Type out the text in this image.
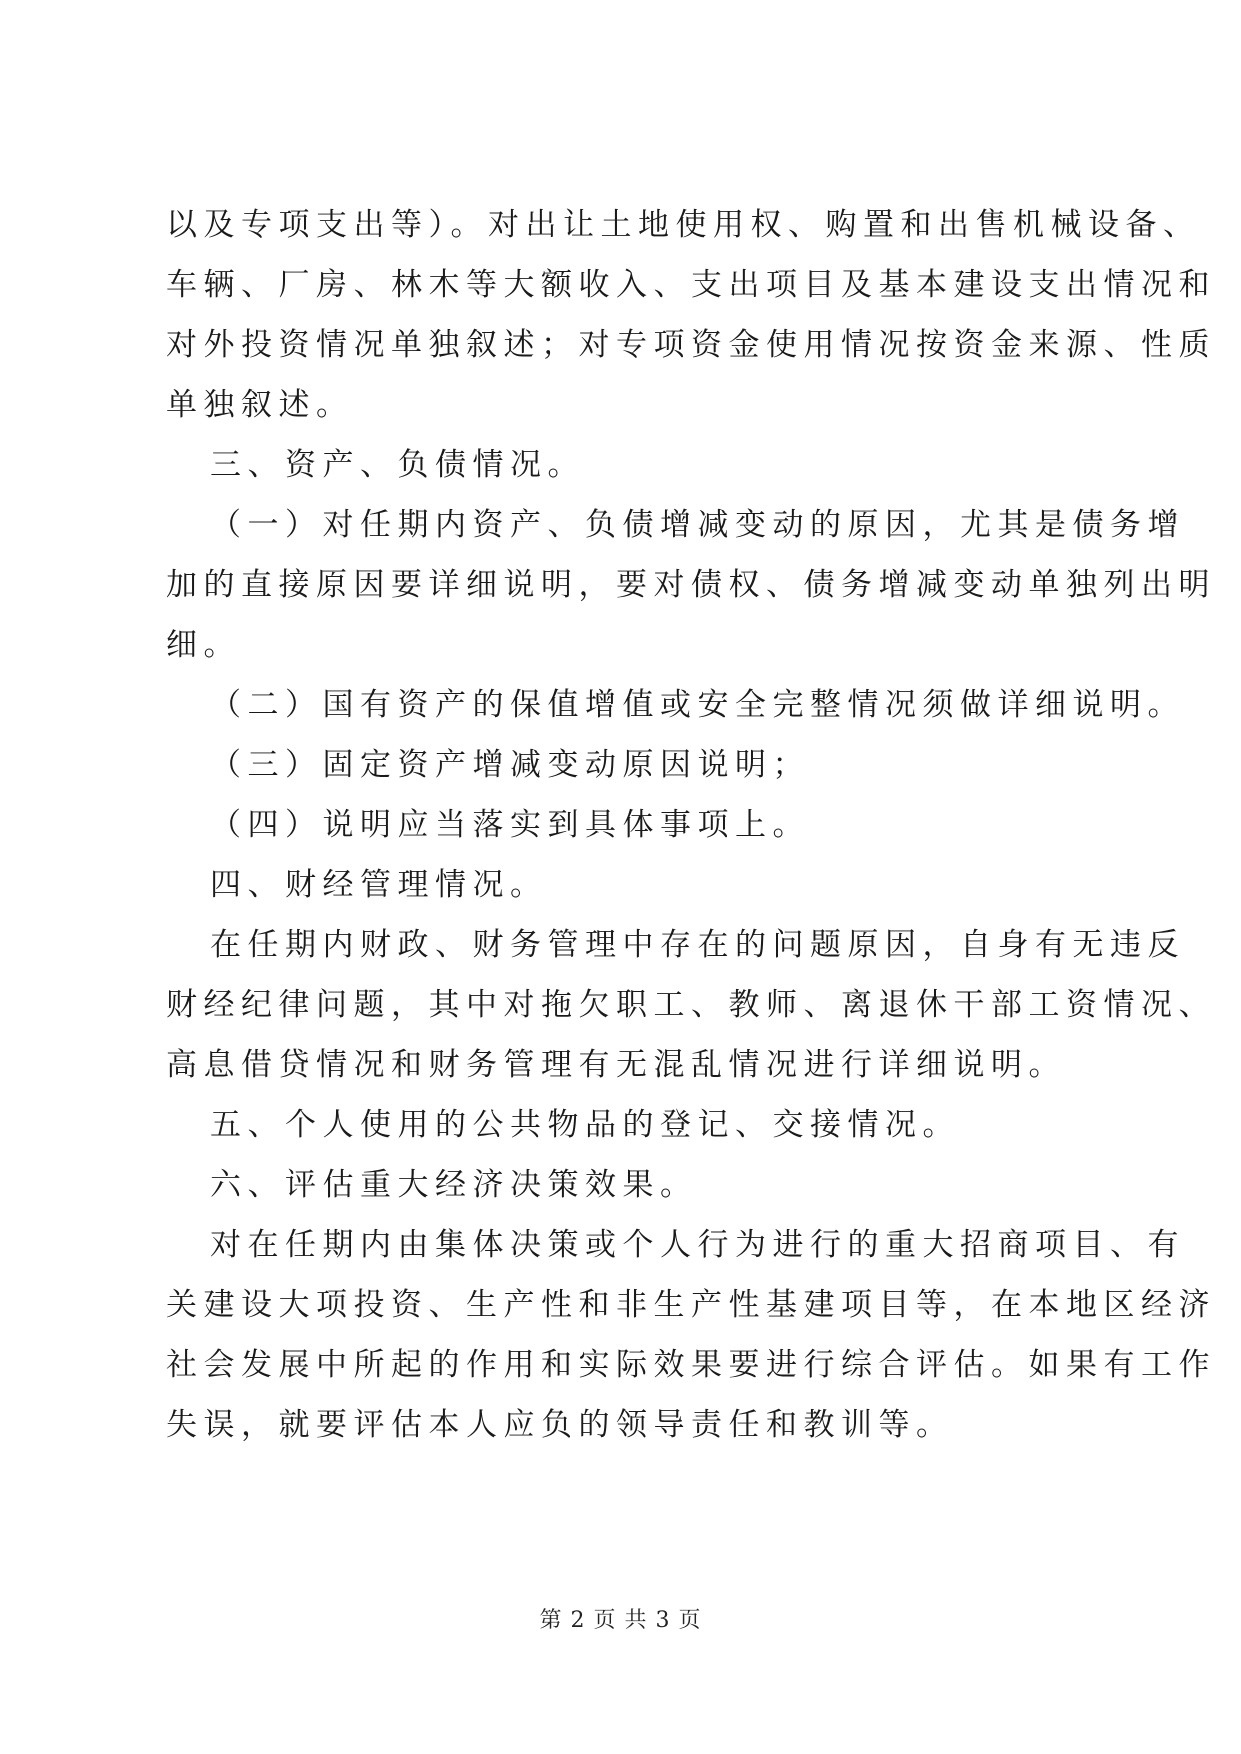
以及专项支出等）。对出让土地使用权、购置和出售机械设备、
车辆、厂房、林木等大额收入、支出项目及基本建设支出情况和
对外投资情况单独叙述；对专项资金使用情况按资金来源、性质
单独叙述。
三、资产、负债情况。
（一）对任期内资产、负债增减变动的原因，尤其是债务增
加的直接原因要详细说明，要对债权、债务增减变动单独列出明
细。
（二）国有资产的保值增值或安全完整情况须做详细说明。
（三）固定资产增减变动原因说明；
（四）说明应当落实到具体事项上。
四、财经管理情况。
在任期内财政、财务管理中存在的问题原因，自身有无违反
财经纪律问题，其中对拖欠职工、教师、离退休干部工资情况、
高息借贷情况和财务管理有无混乱情况进行详细说明。
五、个人使用的公共物品的登记、交接情况。
六、评估重大经济决策效果。
对在任期内由集体决策或个人行为进行的重大招商项目、有
关建设大项投资、生产性和非生产性基建项目等，在本地区经济
社会发展中所起的作用和实际效果要进行综合评估。如果有工作
失误，就要评估本人应负的领导责任和教训等。
第 2 页 共 3 页
